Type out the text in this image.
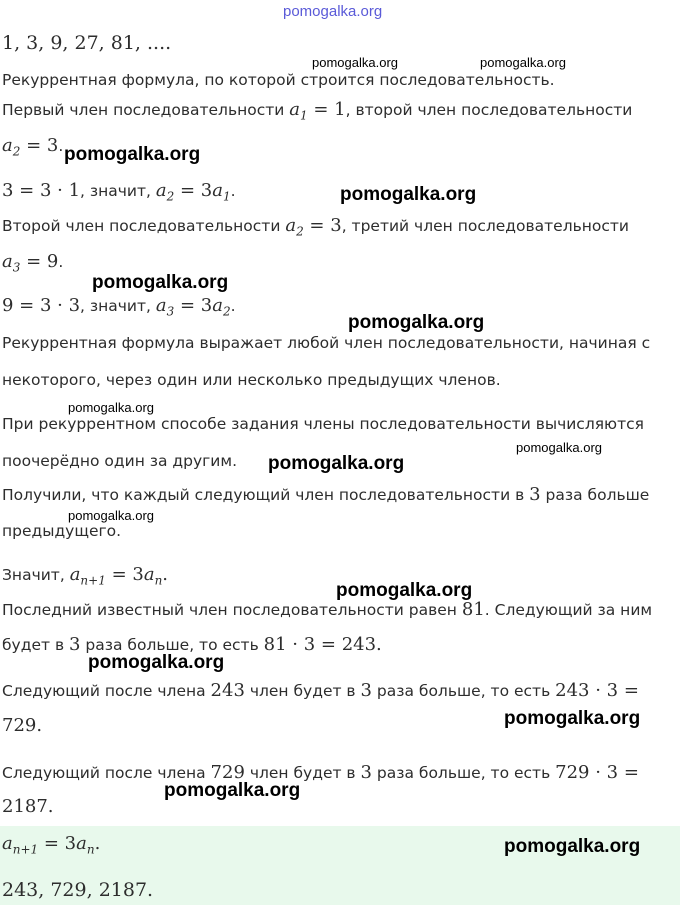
pomogalka.org
1, 3, 9, 27, 81, ....
Рекуррентная формула, по которой строится последовательность.
Первый член последовательности $a_1 = 1$, второй член последовательности
$a_2 = 3$.
3 = 3 · 1, значит, $a_2 = 3a_1$.
Второй член последовательности $a_2 = 3$, третий член последовательности
$a_3 = 9$.
9 = 3 · 3, значит, $a_3 = 3a_2$.
Рекуррентная формула выражает любой член последовательности, начиная с
некоторого, через один или несколько предыдущих членов.
При рекуррентном способе задания члены последовательности вычисляются
поочерёдно один за другим.
Получили, что каждый следующий член последовательности в 3 раза больше
предыдущего.
Значит, $a_{n+1} = 3a_n$.
Последний известный член последовательности равен 81. Следующий за ним
будет в 3 раза больше, то есть 81 · 3 = 243.
Следующий после члена 243 член будет в 3 раза больше, то есть 243 · 3 =
729.
Следующий после члена 729 член будет в 3 раза больше, то есть 729 · 3 =
2187.
$a_{n+1} = 3a_n$.
243, 729, 2187.
pomogalka.org	pomogalka.org
pomogalka.org
pomogalka.org
pomogalka.org
pomogalka.org
pomogalka.org
pomogalka.org
pomogalka.org
pomogalka.org
pomogalka.org
pomogalka.org
pomogalka.org
pomogalka.org
pomogalka.org
